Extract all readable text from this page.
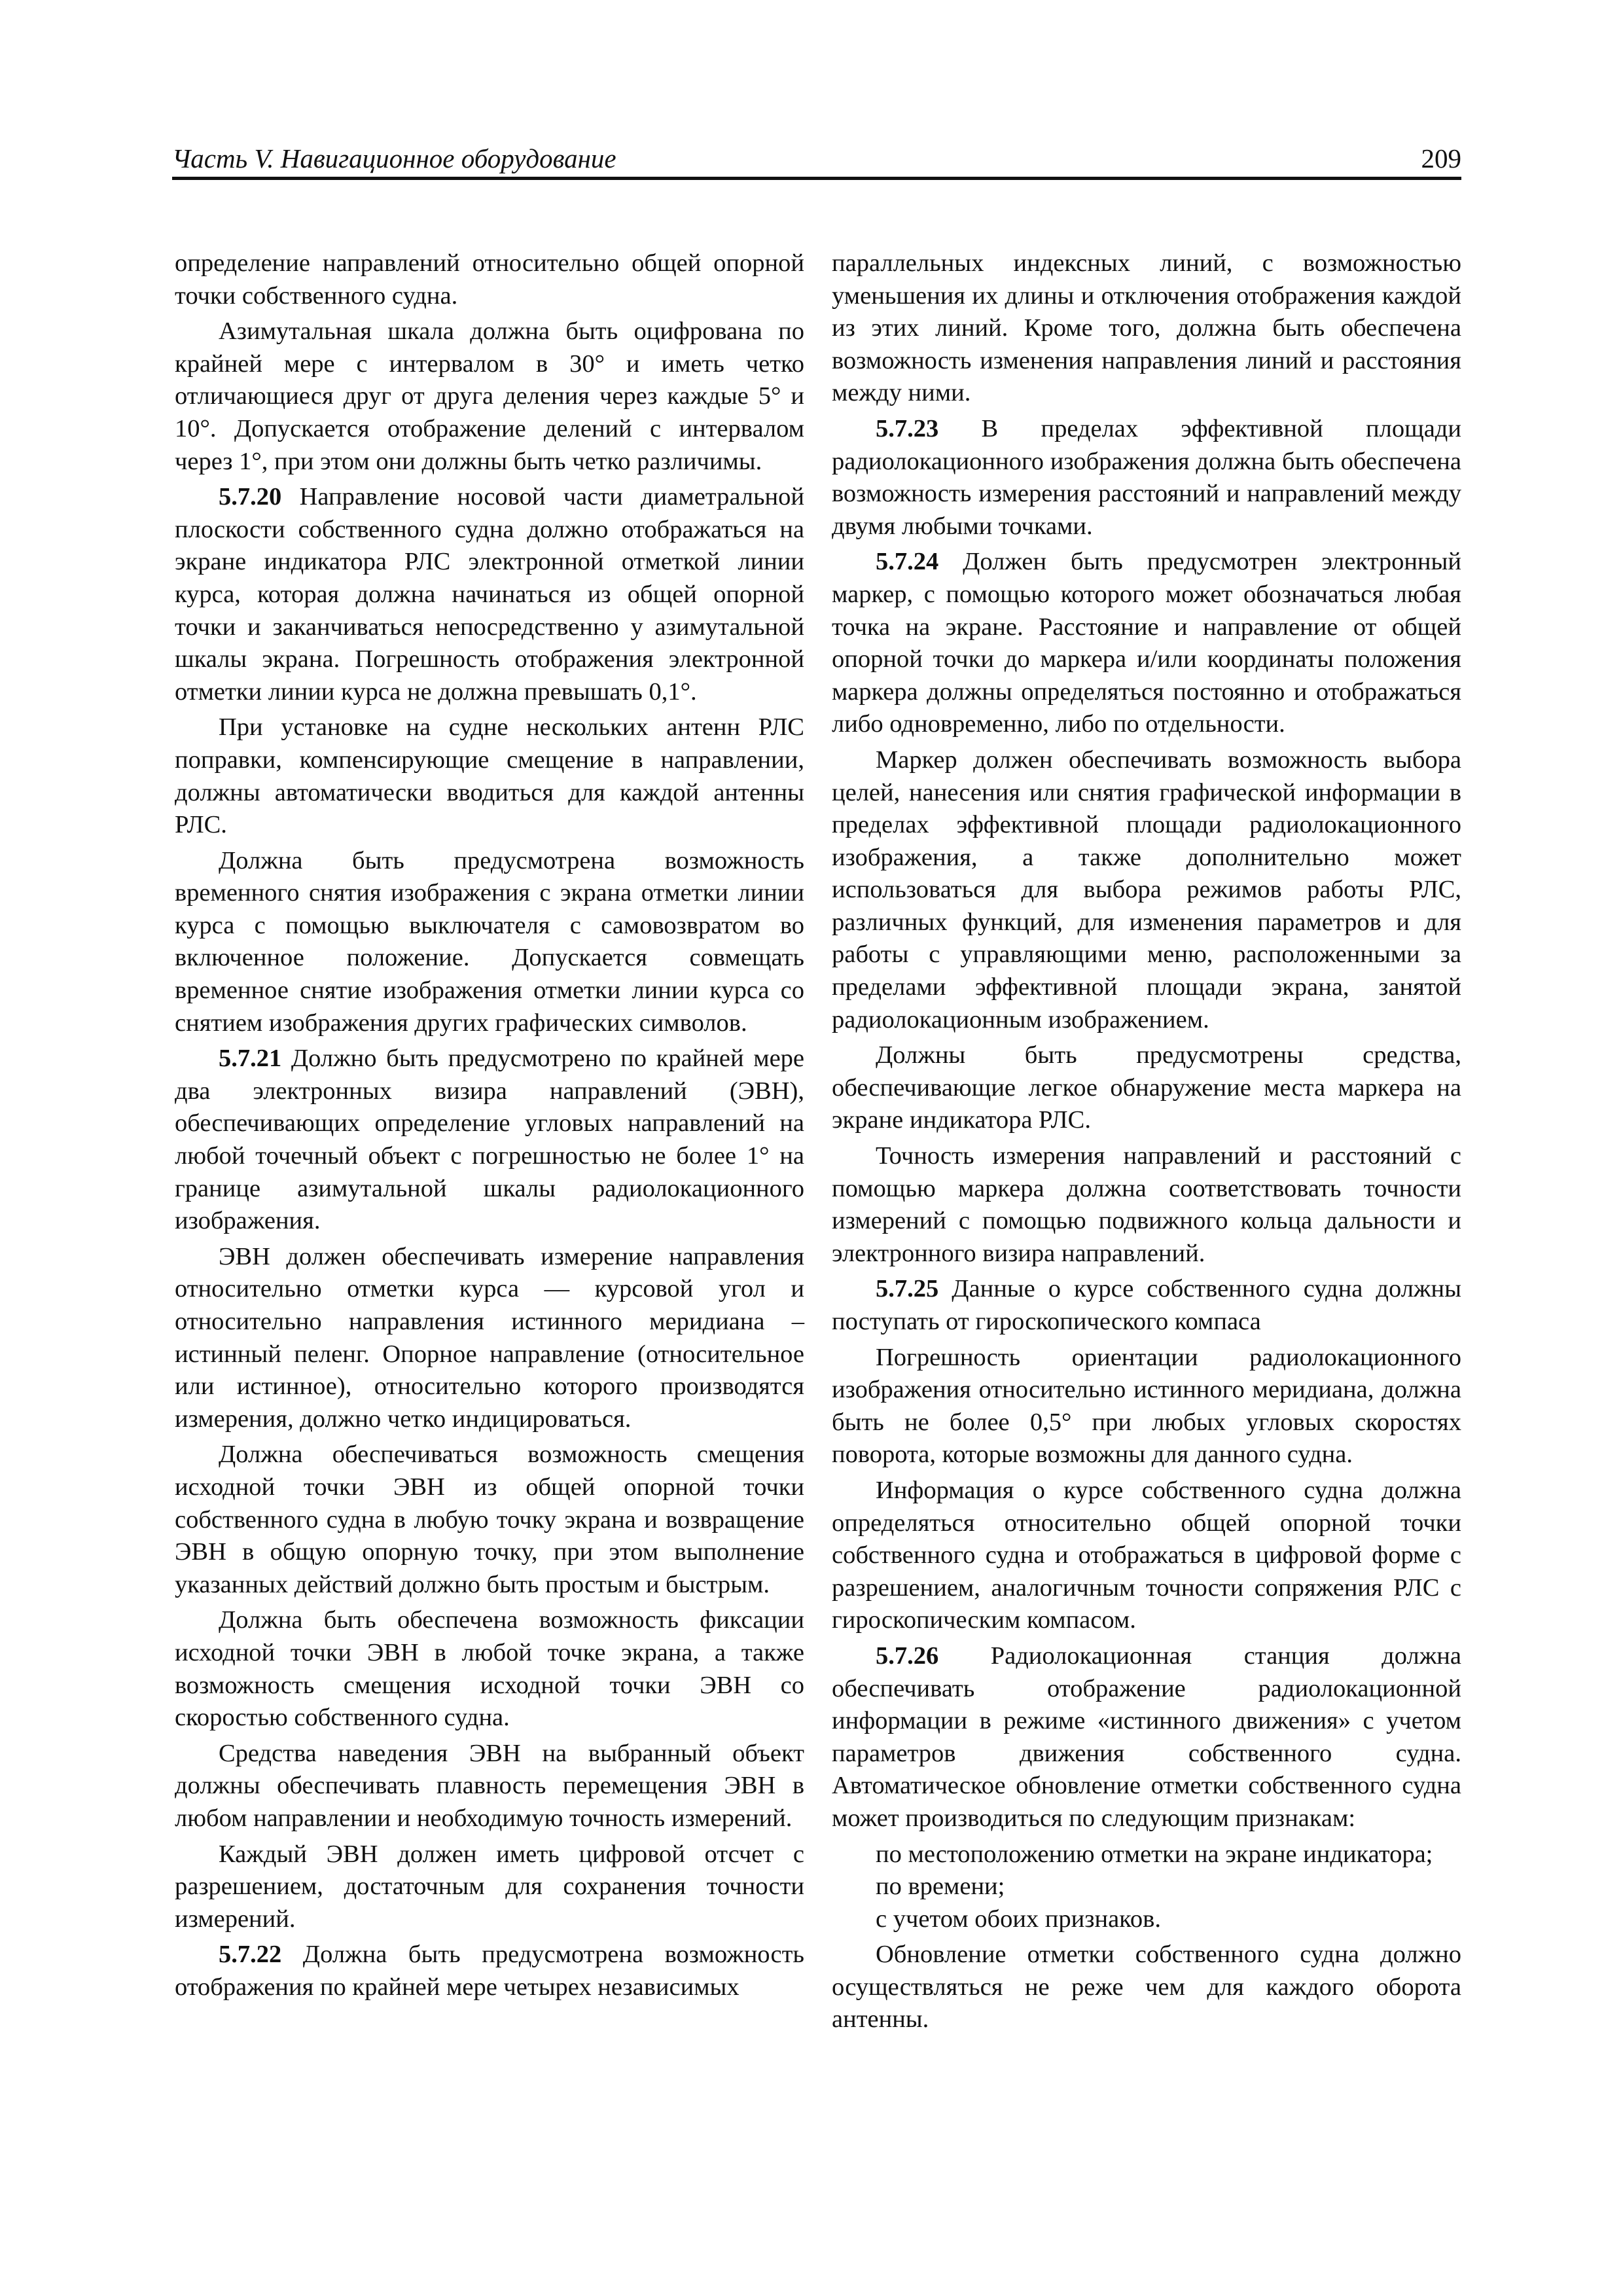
Часть V. Навигационное оборудование	209

определение направлений относительно общей опорной точки собственного судна.

Азимутальная шкала должна быть оцифрована по крайней мере с интервалом в 30° и иметь четко отличающиеся друг от друга деления через каждые 5° и 10°. Допускается отображение делений с интервалом через 1°, при этом они должны быть четко различимы.

5.7.20 Направление носовой части диаметральной плоскости собственного судна должно отображаться на экране индикатора РЛС электронной отметкой линии курса, которая должна начинаться из общей опорной точки и заканчиваться непосредственно у азимутальной шкалы экрана. Погрешность отображения электронной отметки линии курса не должна превышать 0,1°.

При установке на судне нескольких антенн РЛС поправки, компенсирующие смещение в направлении, должны автоматически вводиться для каждой антенны РЛС.

Должна быть предусмотрена возможность временного снятия изображения с экрана отметки линии курса с помощью выключателя с самовозвратом во включенное положение. Допускается совмещать временное снятие изображения отметки линии курса со снятием изображения других графических символов.

5.7.21 Должно быть предусмотрено по крайней мере два электронных визира направлений (ЭВН), обеспечивающих определение угловых направлений на любой точечный объект с погрешностью не более 1° на границе азимутальной шкалы радиолокационного изображения.

ЭВН должен обеспечивать измерение направления относительно отметки курса — курсовой угол и относительно направления истинного меридиана – истинный пеленг. Опорное направление (относительное или истинное), относительно которого производятся измерения, должно четко индицироваться.

Должна обеспечиваться возможность смещения исходной точки ЭВН из общей опорной точки собственного судна в любую точку экрана и возвращение ЭВН в общую опорную точку, при этом выполнение указанных действий должно быть простым и быстрым.

Должна быть обеспечена возможность фиксации исходной точки ЭВН в любой точке экрана, а также возможность смещения исходной точки ЭВН со скоростью собственного судна.

Средства наведения ЭВН на выбранный объект должны обеспечивать плавность перемещения ЭВН в любом направлении и необходимую точность измерений.

Каждый ЭВН должен иметь цифровой отсчет с разрешением, достаточным для сохранения точности измерений.

5.7.22 Должна быть предусмотрена возможность отображения по крайней мере четырех независимых

параллельных индексных линий, с возможностью уменьшения их длины и отключения отображения каждой из этих линий. Кроме того, должна быть обеспечена возможность изменения направления линий и расстояния между ними.

5.7.23 В пределах эффективной площади радиолокационного изображения должна быть обеспечена возможность измерения расстояний и направлений между двумя любыми точками.

5.7.24 Должен быть предусмотрен электронный маркер, с помощью которого может обозначаться любая точка на экране. Расстояние и направление от общей опорной точки до маркера и/или координаты положения маркера должны определяться постоянно и отображаться либо одновременно, либо по отдельности.

Маркер должен обеспечивать возможность выбора целей, нанесения или снятия графической информации в пределах эффективной площади радиолокационного изображения, а также дополнительно может использоваться для выбора режимов работы РЛС, различных функций, для изменения параметров и для работы с управляющими меню, расположенными за пределами эффективной площади экрана, занятой радиолокационным изображением.

Должны быть предусмотрены средства, обеспечивающие легкое обнаружение места маркера на экране индикатора РЛС.

Точность измерения направлений и расстояний с помощью маркера должна соответствовать точности измерений с помощью подвижного кольца дальности и электронного визира направлений.

5.7.25 Данные о курсе собственного судна должны поступать от гироскопического компаса

Погрешность ориентации радиолокационного изображения относительно истинного меридиана, должна быть не более 0,5° при любых угловых скоростях поворота, которые возможны для данного судна.

Информация о курсе собственного судна должна определяться относительно общей опорной точки собственного судна и отображаться в цифровой форме с разрешением, аналогичным точности сопряжения РЛС с гироскопическим компасом.

5.7.26 Радиолокационная станция должна обеспечивать отображение радиолокационной информации в режиме «истинного движения» с учетом параметров движения собственного судна. Автоматическое обновление отметки собственного судна может производиться по следующим признакам:

по местоположению отметки на экране индикатора;

по времени;

с учетом обоих признаков.

Обновление отметки собственного судна должно осуществляться не реже чем для каждого оборота антенны.
